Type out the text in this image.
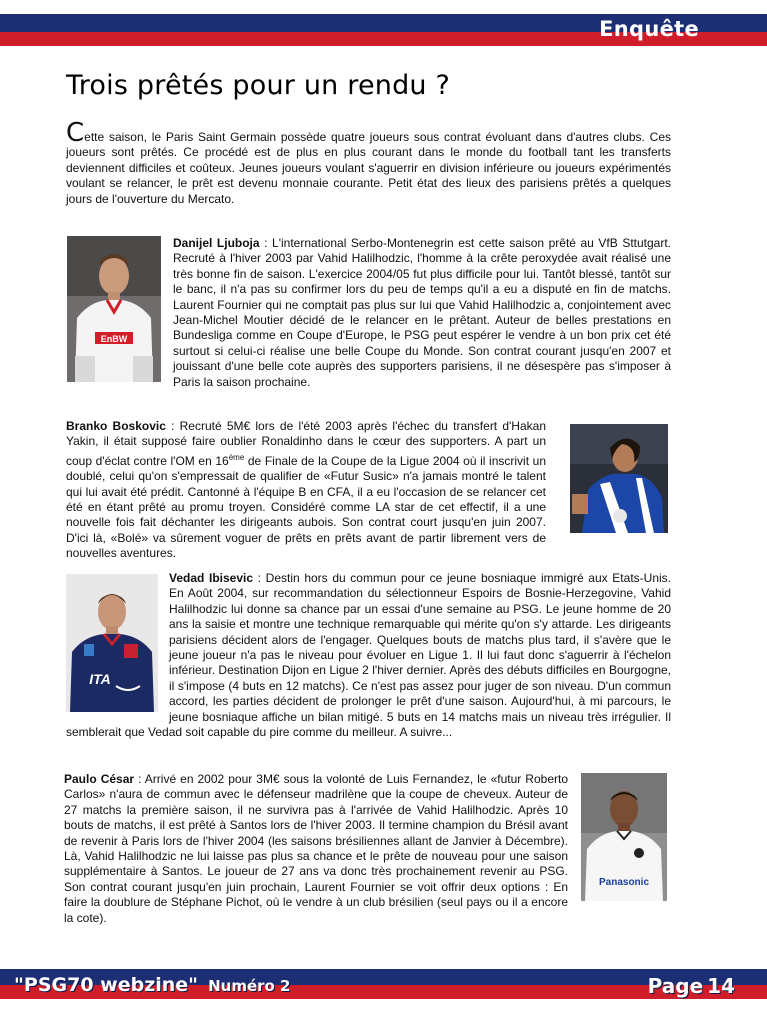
Enquête
Trois prêtés pour un rendu ?
Cette saison, le Paris Saint Germain possède quatre joueurs sous contrat évoluant dans d'autres clubs. Ces joueurs sont prêtés. Ce procédé est de plus en plus courant dans le monde du football tant les transferts deviennent difficiles et coûteux. Jeunes joueurs voulant s'aguerrir en division inférieure ou joueurs expérimentés voulant se relancer, le prêt est devenu monnaie courante. Petit état des lieux des parisiens prêtés a quelques jours de l'ouverture du Mercato.
EnBW
ITA
Panasonic
Danijel Ljuboja : L'international Serbo-Montenegrin est cette saison prêté au VfB Sttutgart. Recruté à l'hiver 2003 par Vahid Halilhodzic, l'homme à la crête peroxydée avait réalisé une très bonne fin de saison. L'exercice 2004/05 fut plus difficile pour lui. Tantôt blessé, tantôt sur le banc, il n'a pas su confirmer lors du peu de temps qu'il a eu a disputé en fin de matchs. Laurent Fournier qui ne comptait pas plus sur lui que Vahid Halilhodzic a, conjointement avec Jean-Michel Moutier décidé de le relancer en le prêtant. Auteur de belles prestations en Bundesliga comme en Coupe d'Europe, le PSG peut espérer le vendre à un bon prix cet été surtout si celui-ci réalise une belle Coupe du Monde. Son contrat courant jusqu'en 2007 et jouissant d'une belle cote auprès des supporters parisiens, il ne désespère pas s'imposer à Paris la saison prochaine.
Branko Boskovic : Recruté 5M€ lors de l'été 2003 après l'échec du transfert d'Hakan Yakin, il était supposé faire oublier Ronaldinho dans le cœur des supporters. A part un coup d'éclat contre l'OM en 16ème de Finale de la Coupe de la Ligue 2004 où il inscrivit un doublé, celui qu'on s'empressait de qualifier de «Futur Susic» n'a jamais montré le talent qui lui avait été prédit. Cantonné à l'équipe B en CFA, il a eu l'occasion de se relancer cet été en étant prêté au promu troyen. Considéré comme LA star de cet effectif, il a une nouvelle fois fait déchanter les dirigeants aubois. Son contrat court jusqu'en juin 2007. D'ici là, «Bolé» va sûrement voguer de prêts en prêts avant de partir librement vers de nouvelles aventures.
Vedad Ibisevic : Destin hors du commun pour ce jeune bosniaque immigré aux Etats-Unis. En Août 2004, sur recommandation du sélectionneur Espoirs de Bosnie-Herzegovine, Vahid Halilhodzic lui donne sa chance par un essai d'une semaine au PSG. Le jeune homme de 20 ans la saisie et montre une technique remarquable qui mérite qu'on s'y attarde. Les dirigeants parisiens décident alors de l'engager. Quelques bouts de matchs plus tard, il s'avère que le jeune joueur n'a pas le niveau pour évoluer en Ligue 1. Il lui faut donc s'aguerrir à l'échelon inférieur. Destination Dijon en Ligue 2 l'hiver dernier. Après des débuts difficiles en Bourgogne, il s'impose (4 buts en 12 matchs). Ce n'est pas assez pour juger de son niveau. D'un commun accord, les parties décident de prolonger le prêt d'une saison. Aujourd'hui, à mi parcours, le jeune bosniaque affiche un bilan mitigé. 5 buts en 14 matchs mais un niveau très irrégulier. Il semblerait que Vedad soit capable du pire comme du meilleur. A suivre...
Paulo César : Arrivé en 2002 pour 3M€ sous la volonté de Luis Fernandez, le «futur Roberto Carlos» n'aura de commun avec le défenseur madrilène que la coupe de cheveux. Auteur de 27 matchs la première saison, il ne survivra pas à l'arrivée de Vahid Halilhodzic. Après 10 bouts de matchs, il est prêté à Santos lors de l'hiver 2003. Il termine champion du Brésil avant de revenir à Paris lors de l'hiver 2004 (les saisons brésiliennes allant de Janvier à Décembre). Là, Vahid Halilhodzic ne lui laisse pas plus sa chance et le prête de nouveau pour une saison supplémentaire à Santos. Le joueur de 27 ans va donc très prochainement revenir au PSG. Son contrat courant jusqu'en juin prochain, Laurent Fournier se voit offrir deux options : En faire la doublure de Stéphane Pichot, où le vendre à un club brésilien (seul pays ou il a encore la cote).
"PSG70 webzine" Numéro 2	Page 14
